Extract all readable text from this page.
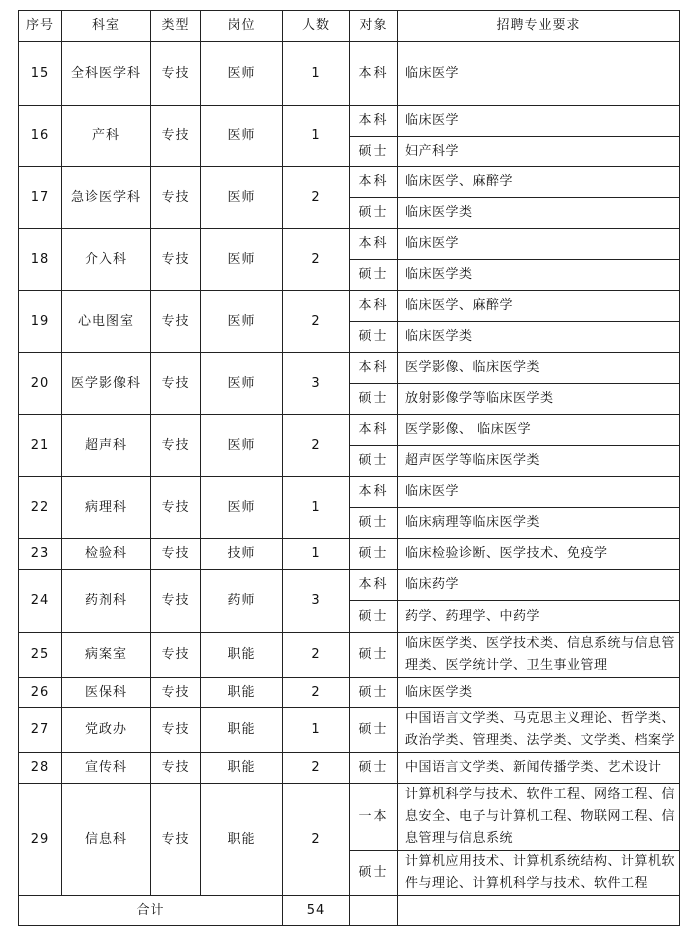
序号	科室	类型	岗位	人数	对象	招聘专业要求
15	全科医学科	专技	医师	1	本科	临床医学
16	产科	专技	医师	1	本科	临床医学
					硕士	妇产科学
17	急诊医学科	专技	医师	2	本科	临床医学、麻醉学
					硕士	临床医学类
18	介入科	专技	医师	2	本科	临床医学
					硕士	临床医学类
19	心电图室	专技	医师	2	本科	临床医学、麻醉学
					硕士	临床医学类
20	医学影像科	专技	医师	3	本科	医学影像、临床医学类
					硕士	放射影像学等临床医学类
21	超声科	专技	医师	2	本科	医学影像、 临床医学
					硕士	超声医学等临床医学类
22	病理科	专技	医师	1	本科	临床医学
					硕士	临床病理等临床医学类
23	检验科	专技	技师	1	硕士	临床检验诊断、医学技术、免疫学
24	药剂科	专技	药师	3	本科	临床药学
					硕士	药学、药理学、中药学
25	病案室	专技	职能	2	硕士	临床医学类、医学技术类、信息系统与信息管理类、医学统计学、卫生事业管理
26	医保科	专技	职能	2	硕士	临床医学类
27	党政办	专技	职能	1	硕士	中国语言文学类、马克思主义理论、哲学类、政治学类、管理类、法学类、文学类、档案学
28	宣传科	专技	职能	2	硕士	中国语言文学类、新闻传播学类、艺术设计
29	信息科	专技	职能	2	一本	计算机科学与技术、软件工程、网络工程、信息安全、电子与计算机工程、物联网工程、信息管理与信息系统
					硕士	计算机应用技术、计算机系统结构、计算机软件与理论、计算机科学与技术、软件工程
合计				54		
